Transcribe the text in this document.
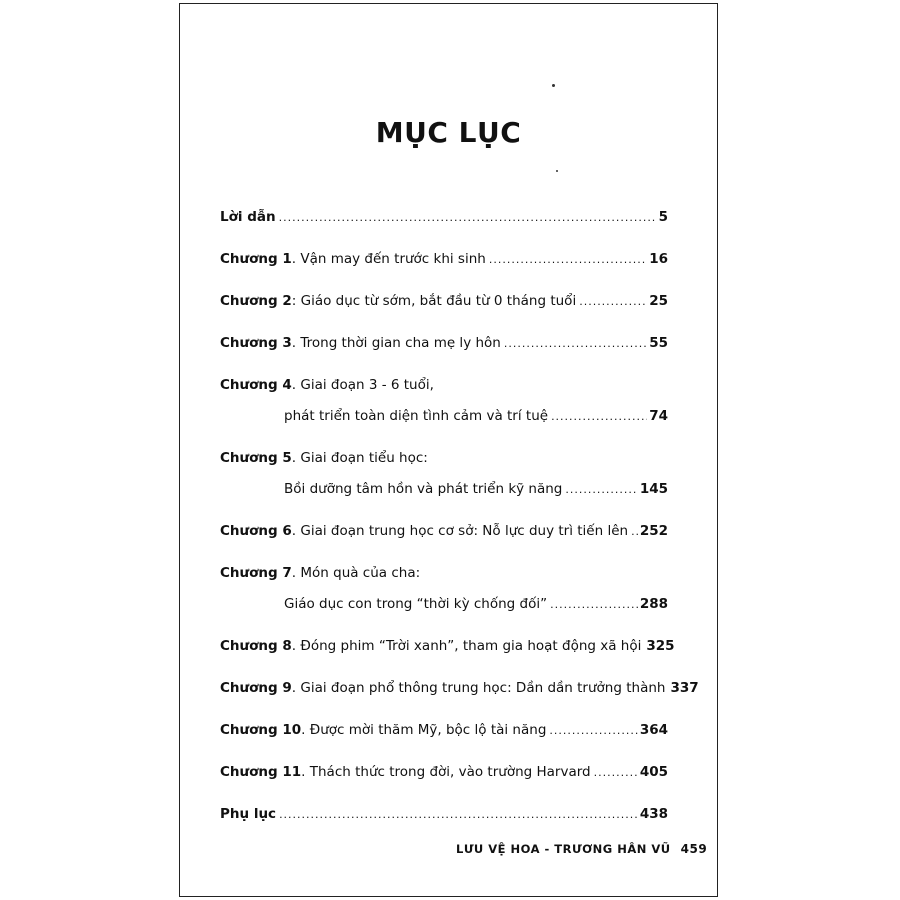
MỤC LỤC
Lời dẫn .....	5
Chương 1 . Vận may đến trước khi sinh .....	16
Chương 2 : Giáo dục từ sớm, bắt đầu từ 0 tháng tuổi .....	25
Chương 3 . Trong thời gian cha mẹ ly hôn .....	55
Chương 4 . Giai đoạn 3 - 6 tuổi,
phát triển toàn diện tình cảm và trí tuệ .....	74
Chương 5 . Giai đoạn tiểu học:
Bồi dưỡng tâm hồn và phát triển kỹ năng .....	145
Chương 6 . Giai đoạn trung học cơ sở: Nỗ lực duy trì tiến lên ..... 252
Chương 7 . Món quà của cha:
Giáo dục con trong “thời kỳ chống đối” .....	288
Chương 8 . Đóng phim “Trời xanh”, tham gia hoạt động xã hội 325
Chương 9 . Giai đoạn phổ thông trung học: Dần dần trưởng thành 337
Chương 10 . Được mời thăm Mỹ, bộc lộ tài năng .....	364
Chương 11 . Thách thức trong đời, vào trường Harvard .....	405
Phụ lục .....	438
LƯU VỆ HOA - TRƯƠNG HÂN VŨ 459
